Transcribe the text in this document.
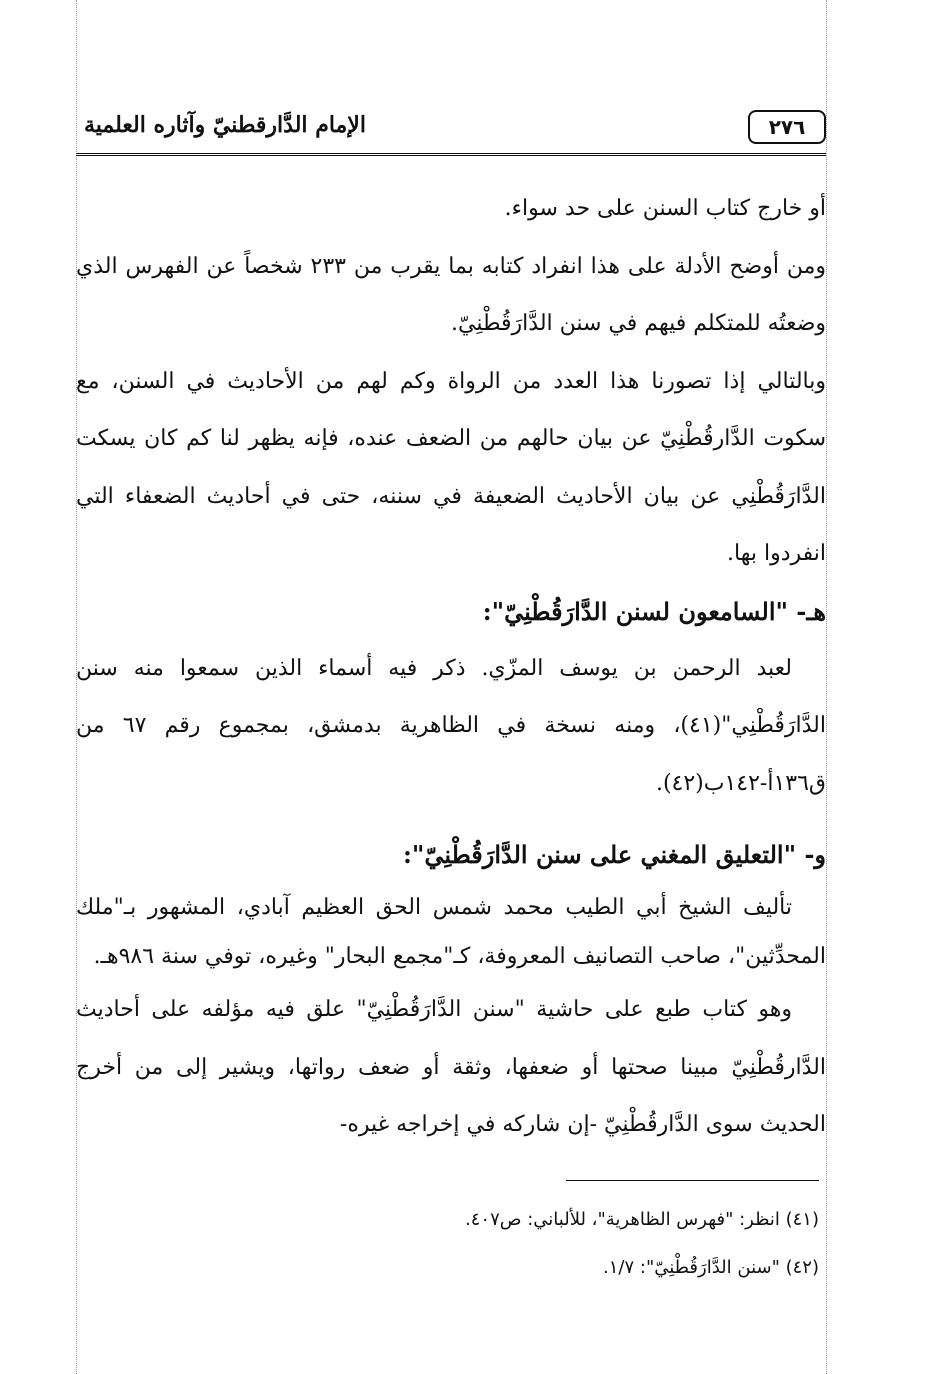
٢٧٦
الإمام الدَّارقطنيّ وآثاره العلمية

أو خارج كتاب السنن على حد سواء.

ومن أوضح الأدلة على هذا انفراد كتابه بما يقرب من ٢٣٣ شخصاً عن الفهرس الذي وضعتُه للمتكلم فيهم في سنن الدَّارَقُطْنِيّ.

وبالتالي إذا تصورنا هذا العدد من الرواة وكم لهم من الأحاديث في السنن، مع سكوت الدَّارقُطْنِيّ عن بيان حالهم من الضعف عنده، فإنه يظهر لنا كم كان يسكت الدَّارَقُطْنِي عن بيان الأحاديث الضعيفة في سننه، حتى في أحاديث الضعفاء التي انفردوا بها.

هـ- "السامعون لسنن الدَّارَقُطْنِيّ":

لعبد الرحمن بن يوسف المزّي. ذكر فيه أسماء الذين سمعوا منه سنن الدَّارَقُطْنِي"(٤١)، ومنه نسخة في الظاهرية بدمشق، بمجموع رقم ٦٧ من ق١٣٦أ-١٤٢ب(٤٢).

و- "التعليق المغني على سنن الدَّارَقُطْنِيّ":

تأليف الشيخ أبي الطيب محمد شمس الحق العظيم آبادي، المشهور بـ"ملك المحدِّثين"، صاحب التصانيف المعروفة، كـ"مجمع البحار" وغيره، توفي سنة ٩٨٦هـ.

وهو كتاب طبع على حاشية "سنن الدَّارَقُطْنِيّ" علق فيه مؤلفه على أحاديث الدَّارقُطْنِيّ مبينا صحتها أو ضعفها، وثقة أو ضعف رواتها، ويشير إلى من أخرج الحديث سوى الدَّارقُطْنِيّ -إن شاركه في إخراجه غيره-

(٤١) انظر: "فهرس الظاهرية"، للألباني: ص٤٠٧.

(٤٢) "سنن الدَّارَقُطْنِيّ": ١/٧.
